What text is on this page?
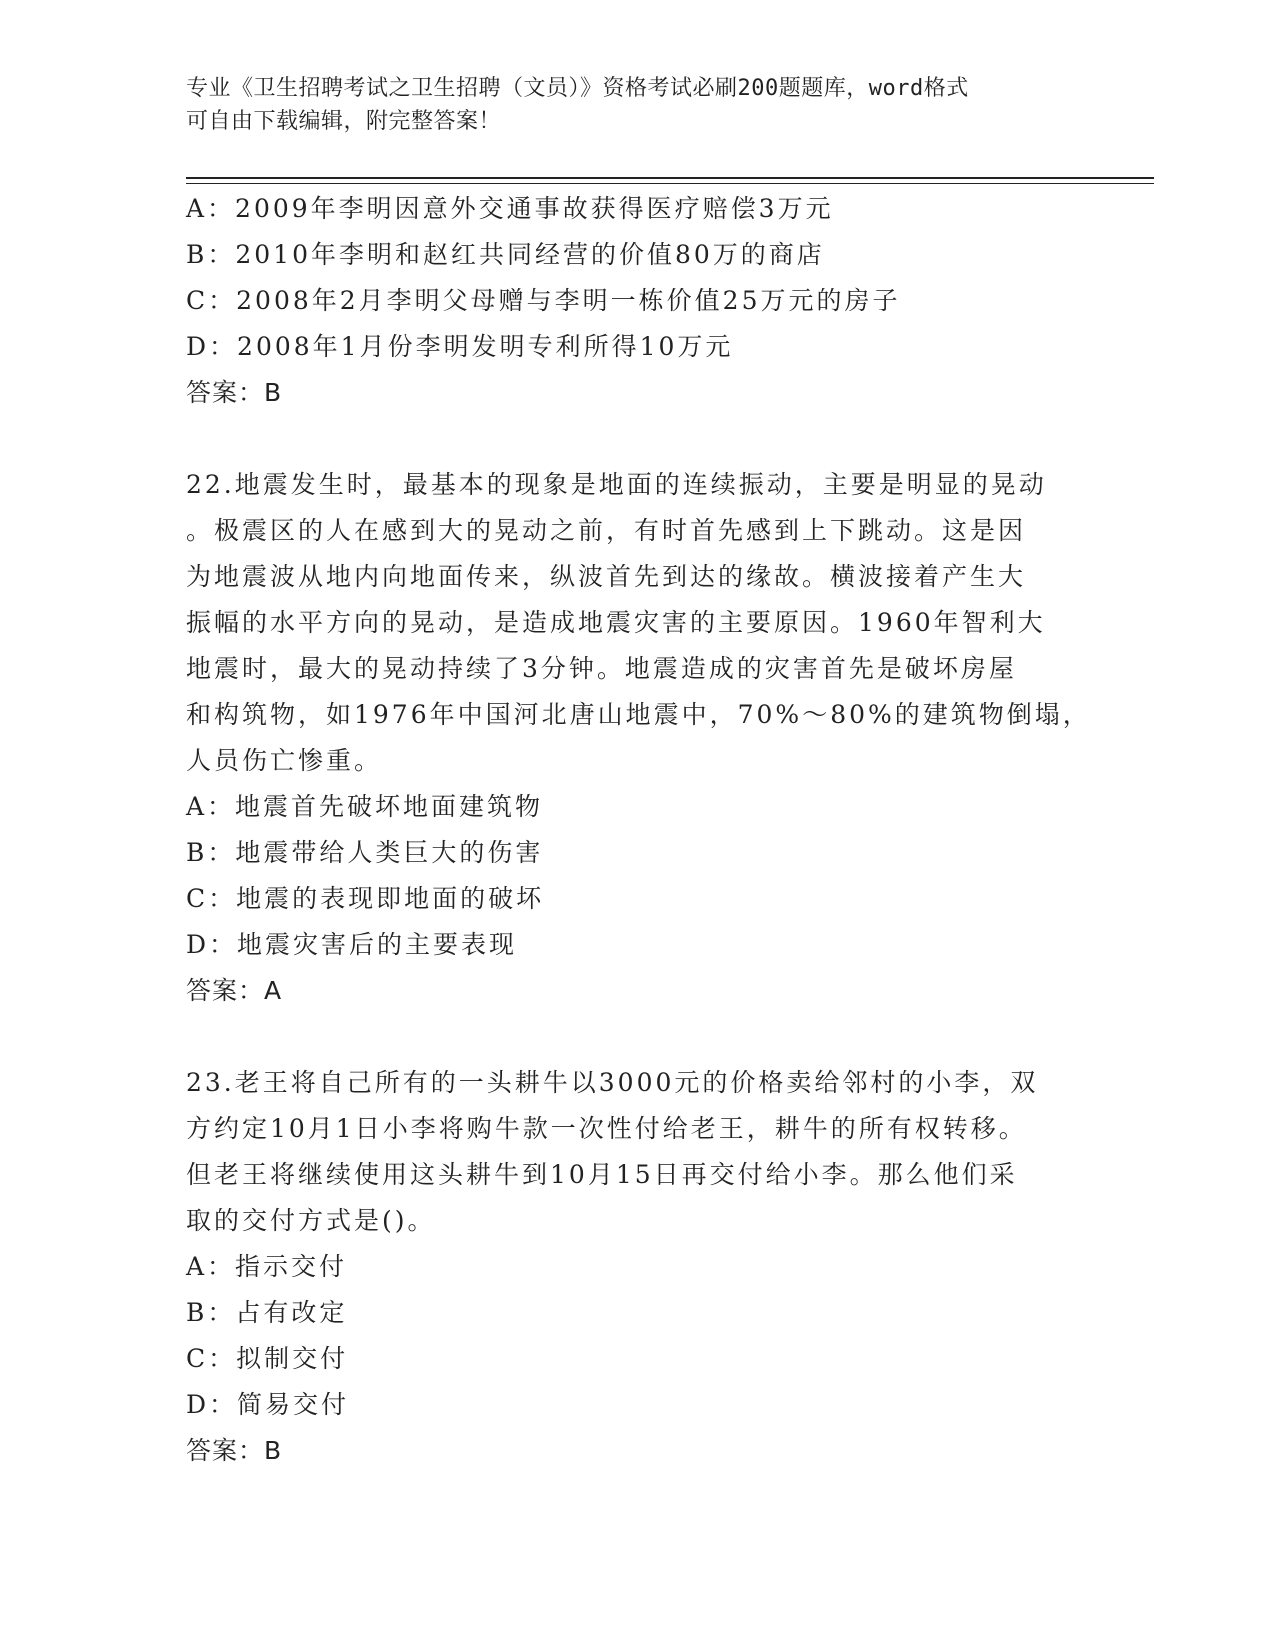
专业《卫生招聘考试之卫生招聘（文员）》资格考试必刷200题题库，word格式
可自由下载编辑，附完整答案！
A：2009年李明因意外交通事故获得医疗赔偿3万元
B：2010年李明和赵红共同经营的价值80万的商店
C：2008年2月李明父母赠与李明一栋价值25万元的房子
D：2008年1月份李明发明专利所得10万元
答案：B
22.地震发生时，最基本的现象是地面的连续振动，主要是明显的晃动
。极震区的人在感到大的晃动之前，有时首先感到上下跳动。这是因
为地震波从地内向地面传来，纵波首先到达的缘故。横波接着产生大
振幅的水平方向的晃动，是造成地震灾害的主要原因。1960年智利大
地震时，最大的晃动持续了3分钟。地震造成的灾害首先是破坏房屋
和构筑物，如1976年中国河北唐山地震中，70%～80%的建筑物倒塌，
人员伤亡惨重。
A：地震首先破坏地面建筑物
B：地震带给人类巨大的伤害
C：地震的表现即地面的破坏
D：地震灾害后的主要表现
答案：A
23.老王将自己所有的一头耕牛以3000元的价格卖给邻村的小李，双
方约定10月1日小李将购牛款一次性付给老王，耕牛的所有权转移。
但老王将继续使用这头耕牛到10月15日再交付给小李。那么他们采
取的交付方式是()。
A：指示交付
B：占有改定
C：拟制交付
D：简易交付
答案：B
